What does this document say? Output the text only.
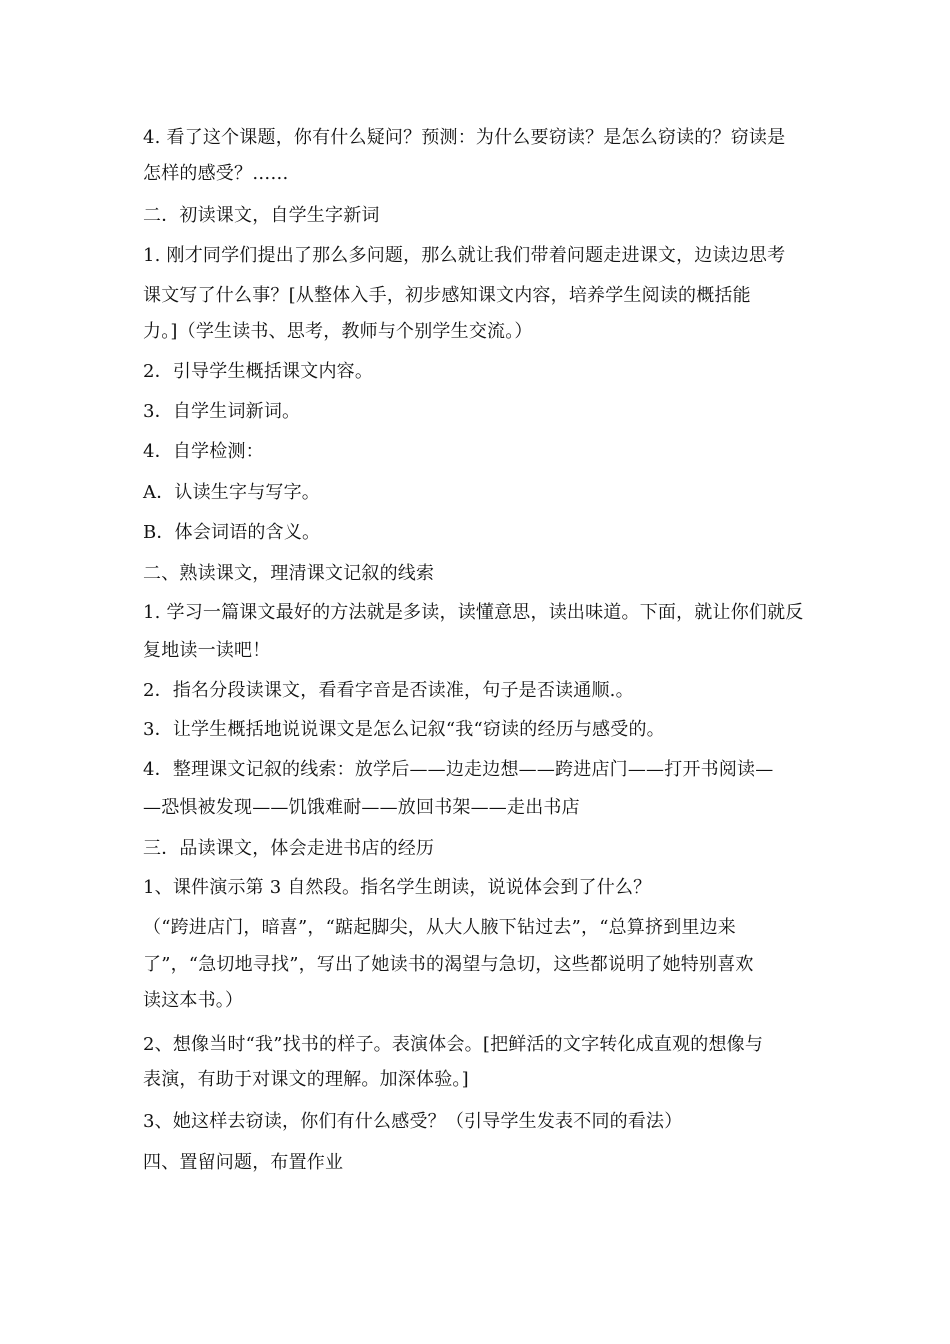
4. 看了这个课题，你有什么疑问？预测：为什么要窃读？是怎么窃读的？窃读是
怎样的感受？……
二．初读课文，自学生字新词
1. 刚才同学们提出了那么多问题，那么就让我们带着问题走进课文，边读边思考
课文写了什么事？[从整体入手，初步感知课文内容，培养学生阅读的概括能
力。]（学生读书、思考，教师与个别学生交流。）
2．引导学生概括课文内容。
3．自学生词新词。
4．自学检测：
A．认读生字与写字。
B．体会词语的含义。
二、熟读课文，理清课文记叙的线索
1. 学习一篇课文最好的方法就是多读，读懂意思，读出味道。下面，就让你们就反
复地读一读吧！
2．指名分段读课文，看看字音是否读准，句子是否读通顺.。
3．让学生概括地说说课文是怎么记叙“我“窃读的经历与感受的。
4．整理课文记叙的线索：放学后——边走边想——跨进店门——打开书阅读—
—恐惧被发现——饥饿难耐——放回书架——走出书店
三．品读课文，体会走进书店的经历
1、课件演示第 3 自然段。指名学生朗读，说说体会到了什么？
（“跨进店门，暗喜”，“踮起脚尖，从大人腋下钻过去”，“总算挤到里边来
了”，“急切地寻找”，写出了她读书的渴望与急切，这些都说明了她特别喜欢
读这本书。）
2、想像当时“我”找书的样子。表演体会。[把鲜活的文字转化成直观的想像与
表演，有助于对课文的理解。加深体验。]
3、她这样去窃读，你们有什么感受？（引导学生发表不同的看法）
四、置留问题，布置作业
